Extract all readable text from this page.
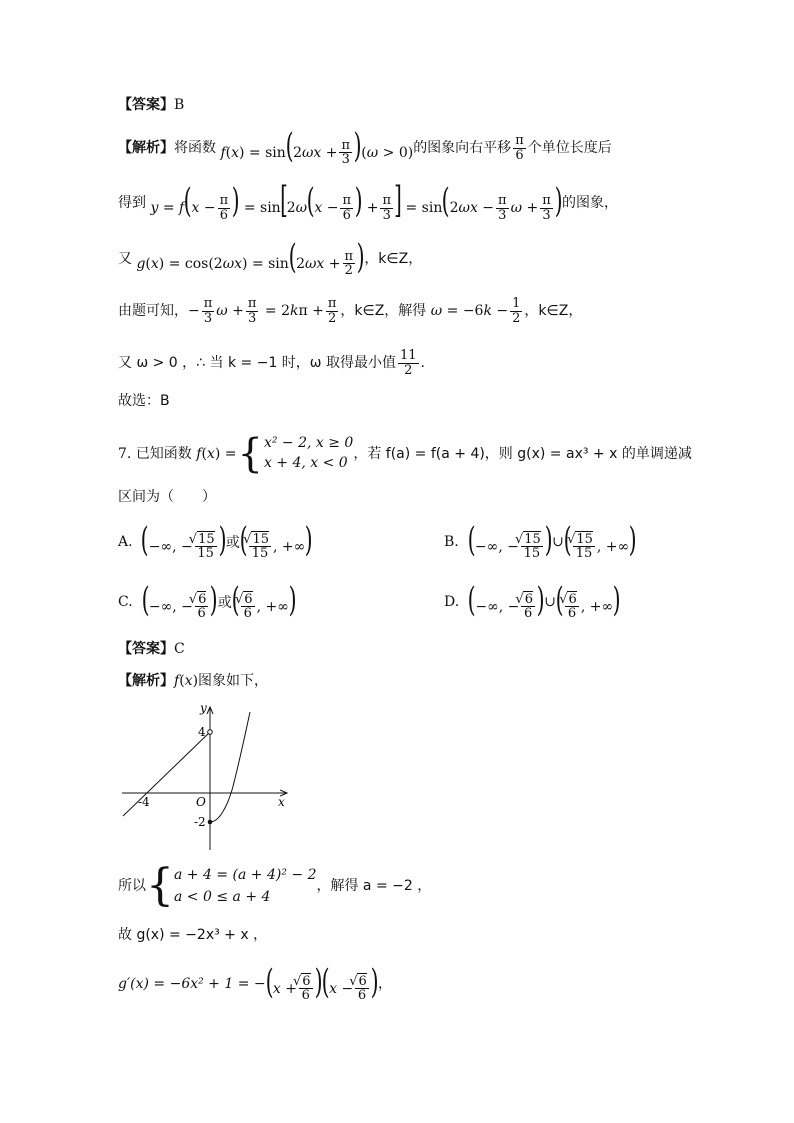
【答案】 B
【解析】 将函数 $f(x) = \sin(2\omega x + \frac{\pi}{3} )(\omega > 0)$ 的图象向右平移 $\frac{\pi}{6}$ 个单位长度后
得到 $y = f(x - \frac{\pi}{6}$ ) = $\sin[2\omega(x - \frac{\pi}{6}$ ) + $\frac{\pi}{3}$ ] = $\sin(2\omega x - \frac{\pi}{3}$ $\omega + \frac{\pi}{3}$ ) 的图象，
又 $g(x) = \cos(2\omega x) = \sin(2\omega x + \frac{\pi}{2}$ ) ，k∈Z，
由题可知， − $\frac{\pi}{3}$ $\omega + \frac{\pi}{3} = 2k\pi + \frac{\pi}{2}$ ，k∈Z，解得 $\omega = -6k - \frac{1}{2}$ ，k∈Z，
又 ω > 0 ，∴ 当 k = −1 时，ω 取得最小值 $\frac{11}{2}$ .
故选：B
7.
已知函数 f(x) = { x² − 2, x ≥ 0
x + 4, x < 0
，若 f(a) = f(a + 4)，则 g(x) = ax³ + x 的单调递减
区间为（　　）
A.
(−∞, − √ $\frac{15}{15}$ ) 或 ( √ $\frac{15}{15}$ , +∞)	B.
(−∞, − √ $\frac{15}{15}$ ) ∪ ( √ $\frac{15}{15}$ , +∞)
C.
(−∞, − √ $\frac{6}{6}$ ) 或 ( √ $\frac{6}{6}$ , +∞)	D.
(−∞, − √ $\frac{6}{6}$ ) ∪ ( √ $\frac{6}{6}$ , +∞)
【答案】 C
【解析】 f(x) 图象如下，
y
x
O
4
-2
-4
所以 { a + 4 = (a + 4)² − 2
a < 0 ≤ a + 4
，解得 a = −2 ，
故 g(x) = −2x³ + x ，
g′(x) = −6x² + 1 = − (x + √ $\frac{6}{6} )(x$ − √ $\frac{6}{6}$ ) ，
